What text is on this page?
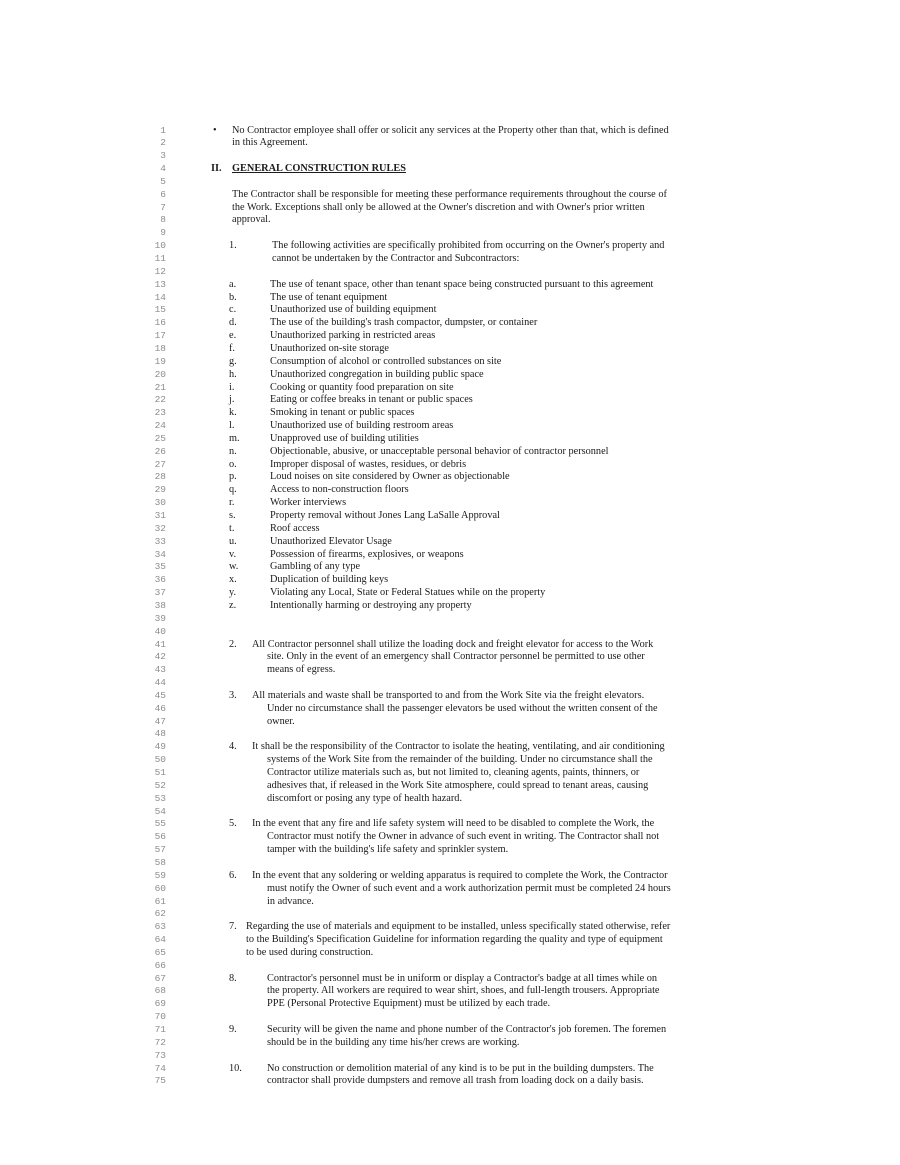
1
2
3
4
5
6
7
8
9
10
11
12
13
14
15
16
17
18
19
20
21
22
23
24
25
26
27
28
29
30
31
32
33
34
35
36
37
38
39
40
41
42
43
44
45
46
47
48
49
50
51
52
53
54
55
56
57
58
59
60
61
62
63
64
65
66
67
68
69
70
71
72
73
74
75
• No Contractor employee shall offer or solicit any services at the Property other than that, which is defined
in this Agreement.
II. GENERAL CONSTRUCTION RULES
The Contractor shall be responsible for meeting these performance requirements throughout the course of
the Work. Exceptions shall only be allowed at the Owner's discretion and with Owner's prior written
approval.
1.	The following activities are specifically prohibited from occurring on the Owner's property and
cannot be undertaken by the Contractor and Subcontractors:
a.	The use of tenant space, other than tenant space being constructed pursuant to this agreement
b.	The use of tenant equipment
c.	Unauthorized use of building equipment
d.	The use of the building's trash compactor, dumpster, or container
e.	Unauthorized parking in restricted areas
f.	Unauthorized on-site storage
g.	Consumption of alcohol or controlled substances on site
h.	Unauthorized congregation in building public space
i.	Cooking or quantity food preparation on site
j.	Eating or coffee breaks in tenant or public spaces
k.	Smoking in tenant or public spaces
l.	Unauthorized use of building restroom areas
m.	Unapproved use of building utilities
n.	Objectionable, abusive, or unacceptable personal behavior of contractor personnel
o.	Improper disposal of wastes, residues, or debris
p.	Loud noises on site considered by Owner as objectionable
q.	Access to non-construction floors
r.	Worker interviews
s.	Property removal without Jones Lang LaSalle Approval
t.	Roof access
u.	Unauthorized Elevator Usage
v.	Possession of firearms, explosives, or weapons
w.	Gambling of any type
x.	Duplication of building keys
y.	Violating any Local, State or Federal Statues while on the property
z.	Intentionally harming or destroying any property
2. All Contractor personnel shall utilize the loading dock and freight elevator for access to the Work
site. Only in the event of an emergency shall Contractor personnel be permitted to use other
means of egress.
3. All materials and waste shall be transported to and from the Work Site via the freight elevators.
Under no circumstance shall the passenger elevators be used without the written consent of the
owner.
4. It shall be the responsibility of the Contractor to isolate the heating, ventilating, and air conditioning
systems of the Work Site from the remainder of the building. Under no circumstance shall the
Contractor utilize materials such as, but not limited to, cleaning agents, paints, thinners, or
adhesives that, if released in the Work Site atmosphere, could spread to tenant areas, causing
discomfort or posing any type of health hazard.
5. In the event that any fire and life safety system will need to be disabled to complete the Work, the
Contractor must notify the Owner in advance of such event in writing. The Contractor shall not
tamper with the building's life safety and sprinkler system.
6. In the event that any soldering or welding apparatus is required to complete the Work, the Contractor
must notify the Owner of such event and a work authorization permit must be completed 24 hours
in advance.
7. Regarding the use of materials and equipment to be installed, unless specifically stated otherwise, refer
to the Building's Specification Guideline for information regarding the quality and type of equipment
to be used during construction.
8.	Contractor's personnel must be in uniform or display a Contractor's badge at all times while on
the property. All workers are required to wear shirt, shoes, and full-length trousers. Appropriate
PPE (Personal Protective Equipment) must be utilized by each trade.
9.	Security will be given the name and phone number of the Contractor's job foremen. The foremen
should be in the building any time his/her crews are working.
10. No construction or demolition material of any kind is to be put in the building dumpsters. The
contractor shall provide dumpsters and remove all trash from loading dock on a daily basis.
